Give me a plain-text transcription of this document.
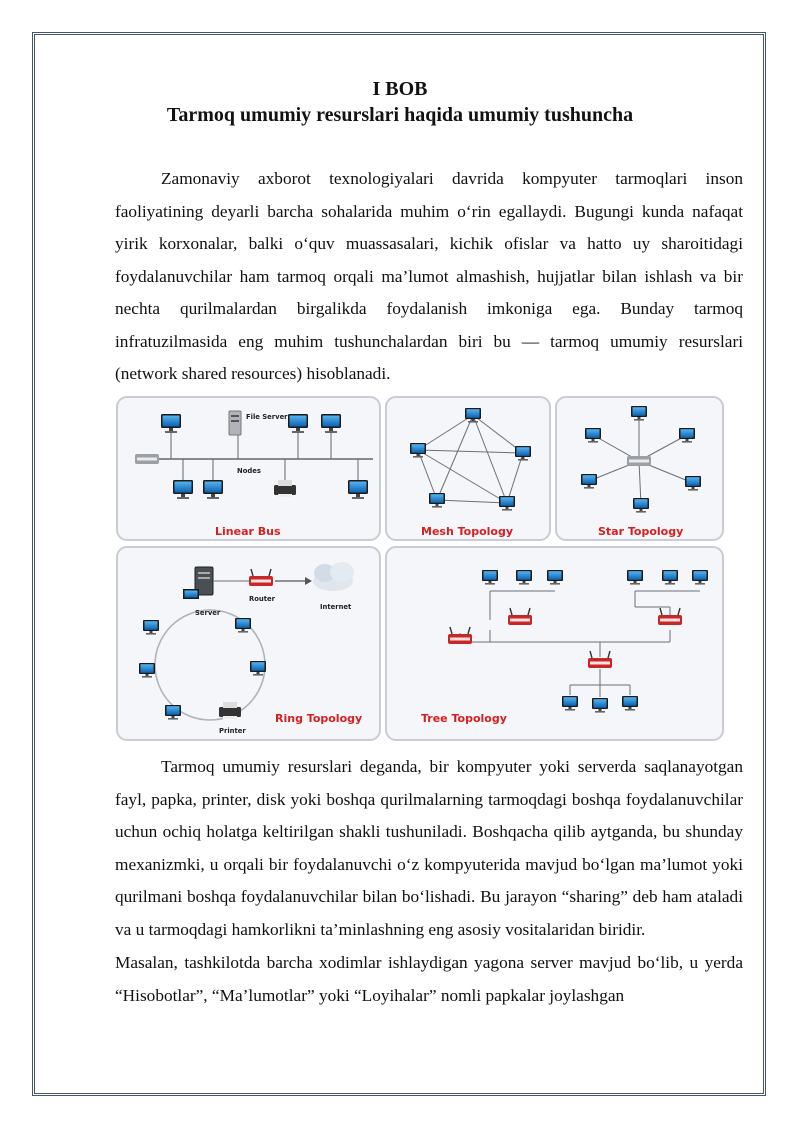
I BOB
Tarmoq umumiy resurslari haqida umumiy tushuncha

Zamonaviy axborot texnologiyalari davrida kompyuter tarmoqlari inson faoliyatining deyarli barcha sohalarida muhim o‘rin egallaydi. Bugungi kunda nafaqat yirik korxonalar, balki o‘quv muassasalari, kichik ofislar va hatto uy sharoitidagi foydalanuvchilar ham tarmoq orqali ma’lumot almashish, hujjatlar bilan ishlash va bir nechta qurilmalardan birgalikda foydalanish imkoniga ega. Bunday tarmoq infratuzilmasida eng muhim tushunchalardan biri bu — tarmoq umumiy resurslari (network shared resources) hisoblanadi.

File Server
Nodes
Linear Bus	Mesh Topology	Star Topology
Server
Router
Internet
Printer
Ring Topology	Tree Topology

Tarmoq umumiy resurslari deganda, bir kompyuter yoki serverda saqlanayotgan fayl, papka, printer, disk yoki boshqa qurilmalarning tarmoqdagi boshqa foydalanuvchilar uchun ochiq holatga keltirilgan shakli tushuniladi. Boshqacha qilib aytganda, bu shunday mexanizmki, u orqali bir foydalanuvchi o‘z kompyuterida mavjud bo‘lgan ma’lumot yoki qurilmani boshqa foydalanuvchilar bilan bo‘lishadi. Bu jarayon “sharing” deb ham ataladi va u tarmoqdagi hamkorlikni ta’minlashning eng asosiy vositalaridan biridir.

Masalan, tashkilotda barcha xodimlar ishlaydigan yagona server mavjud bo‘lib, u yerda “Hisobotlar”, “Ma’lumotlar” yoki “Loyihalar” nomli papkalar joylashgan
